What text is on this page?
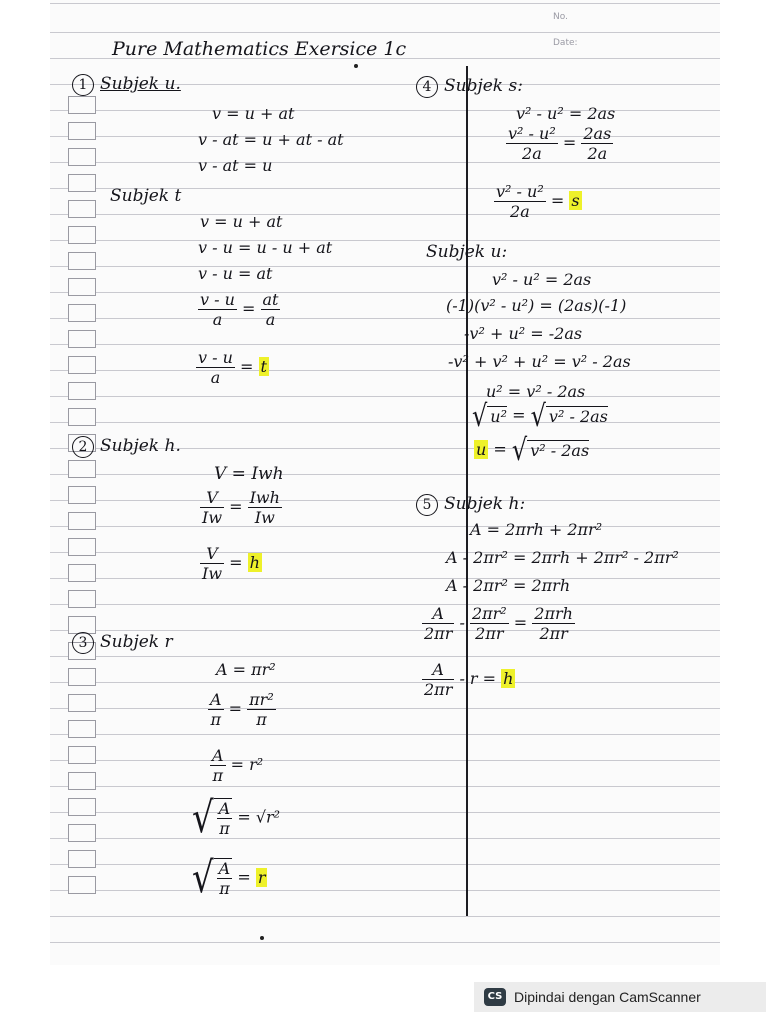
No.
Date:
Pure Mathematics Exersice 1c
1 Subjek u.
v = u + at
v - at = u + at - at
v - at = u
Subjek t
v = u + at
v - u = u - u + at
v - u = at
$\frac{v - u}{a} = \frac{at}{a}$
$\frac{v - u}{a} = t$
2 Subjek h.
V = Iwh
$\frac{V}{Iw} = \frac{\text{Iwh}}{Iw}$
$\frac{V}{Iw} = h$
3 Subjek r
A = πr²
$\frac{A}{\pi} = \frac{\text{πr²}}{\pi}$
$\frac{A}{\pi} = r^2$
√ $\frac{A}{\pi} = √r^2$
√ $\frac{A}{\pi} = r$
4 Subjek s:
v² - u² = 2as
$\frac{\text{v² - u²}}{2a} = \frac{2as}{2a}$
$\frac{\text{v² - u²}}{2a} = s$
Subjek u:
v² - u² = 2as
(-1)(v² - u²) = (2as)(-1)
-v² + u² = -2as
-v² + v² + u² = v² - 2as
u² = v² - 2as
√ u² = √ v² - 2as
u = √ v² - 2as
5 Subjek h:
A = 2πrh + 2πr²
A - 2πr² = 2πrh + 2πr² - 2πr²
A - 2πr² = 2πrh
$\frac{A}{2\pi r} - \frac{\text{2πr²}}{2\pi r} = \frac{\text{2πrh}}{2\pi r}$
$\frac{A}{2\pi r} - r = h$
CS Dipindai dengan CamScanner
